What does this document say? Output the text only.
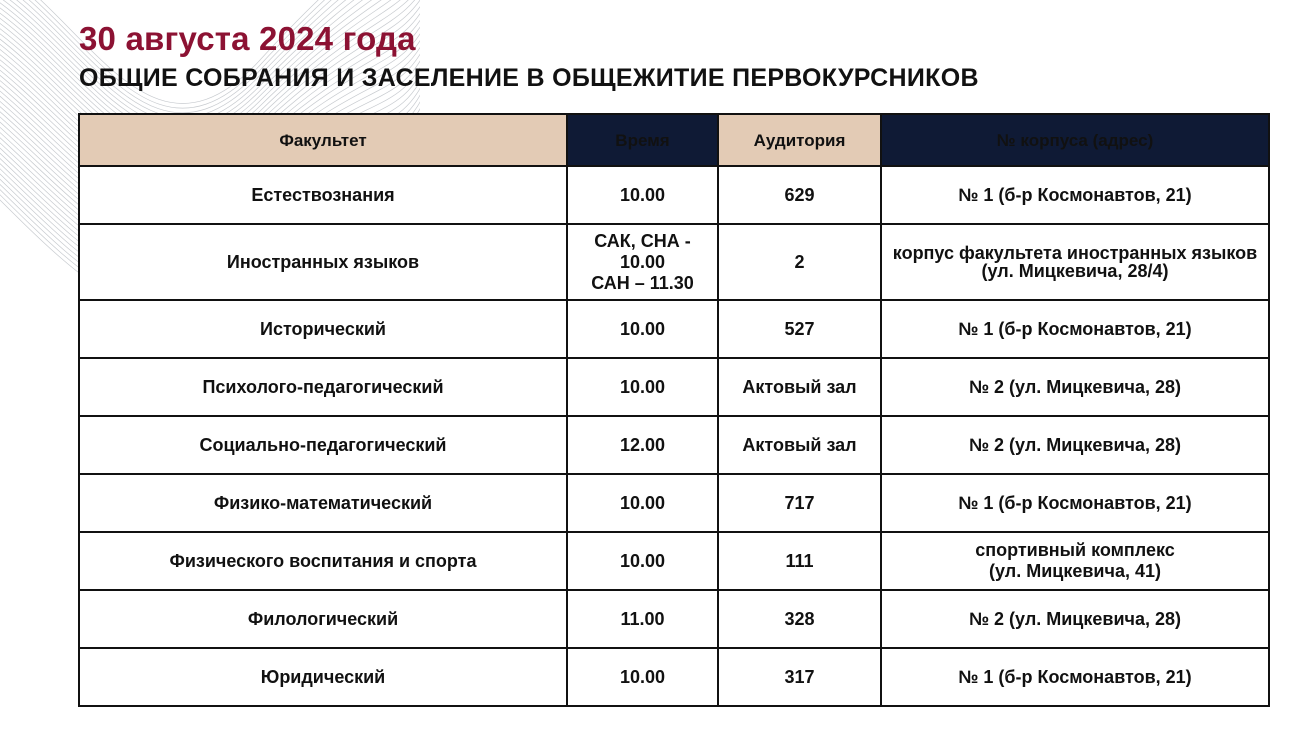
30 августа 2024 года
ОБЩИЕ СОБРАНИЯ И ЗАСЕЛЕНИЕ В ОБЩЕЖИТИЕ ПЕРВОКУРСНИКОВ
Факультет	Время	Аудитория	№ корпуса (адрес)
Естествознания	10.00	629	№ 1 (б-р Космонавтов, 21)
Иностранных языков	САК, СНА -
10.00
САН – 11.30	2	корпус факультета иностранных языков (ул. Мицкевича, 28/4)
Исторический	10.00	527	№ 1 (б-р Космонавтов, 21)
Психолого-педагогический	10.00	Актовый зал	№ 2 (ул. Мицкевича, 28)
Социально-педагогический	12.00	Актовый зал	№ 2 (ул. Мицкевича, 28)
Физико-математический	10.00	717	№ 1 (б-р Космонавтов, 21)
Физического воспитания и спорта	10.00	111	спортивный комплекс
(ул. Мицкевича, 41)

Филологический	11.00	328	№ 2 (ул. Мицкевича, 28)
Юридический	10.00	317	№ 1 (б-р Космонавтов, 21)
